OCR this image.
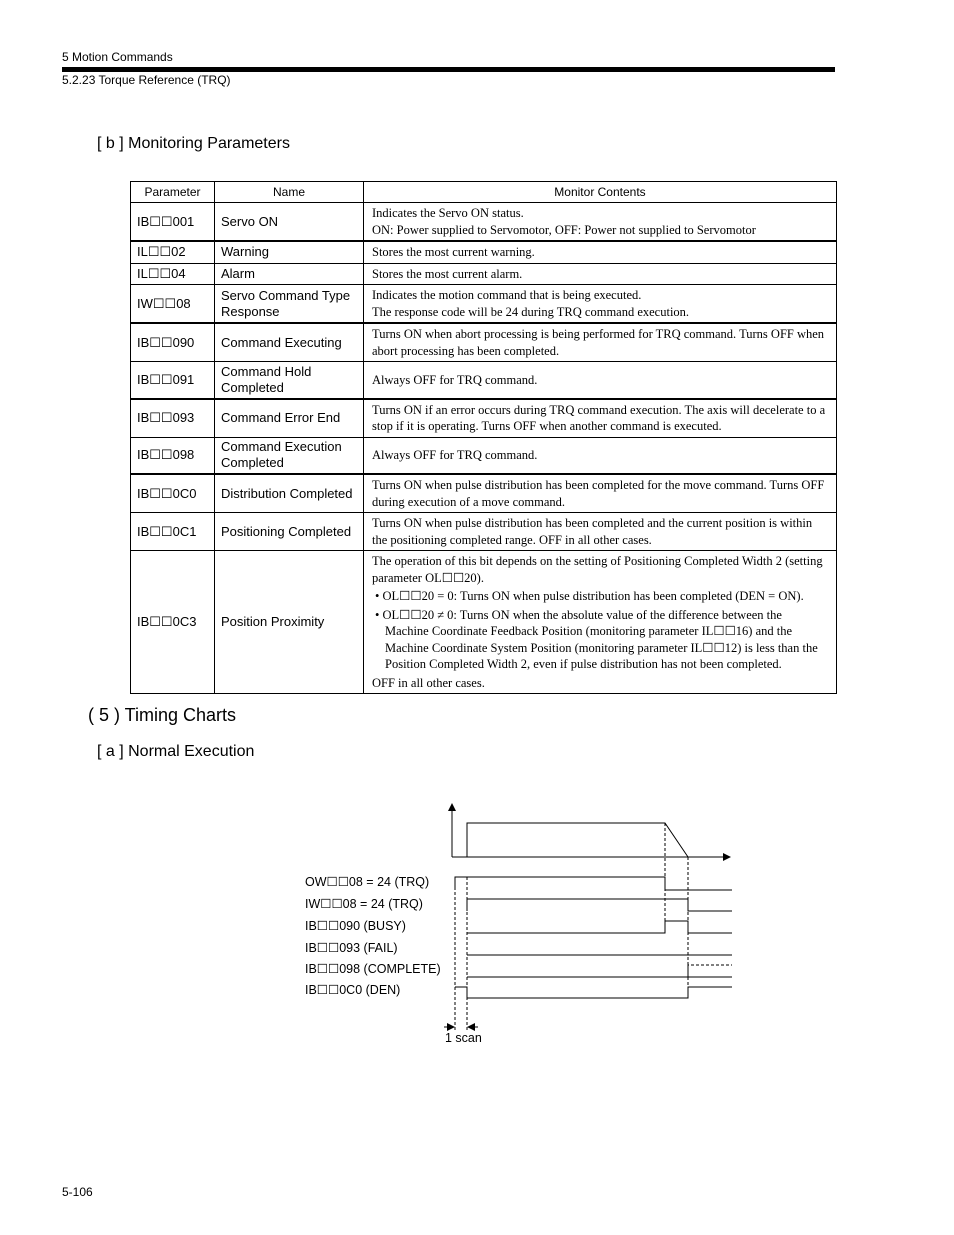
5 Motion Commands
5.2.23 Torque Reference (TRQ)
[ b ] Monitoring Parameters
Parameter	Name	Monitor Contents
IB☐☐001	Servo ON	Indicates the Servo ON status.
ON: Power supplied to Servomotor, OFF: Power not supplied to Servomotor

IL☐☐02	Warning	Stores the most current warning.

IL☐☐04	Alarm	Stores the most current alarm.

IW☐☐08	Servo Command Type Response	Indicates the motion command that is being executed.
The response code will be 24 during TRQ command execution.

IB☐☐090	Command Executing	Turns ON when abort processing is being performed for TRQ command. Turns OFF when abort processing has been completed.
IB☐☐091	Command Hold Completed	Always OFF for TRQ command.
IB☐☐093	Command Error End	Turns ON if an error occurs during TRQ command execution. The axis will decelerate to a stop if it is operating. Turns OFF when another command is executed.
IB☐☐098	Command Execution Completed	Always OFF for TRQ command.
IB☐☐0C0	Distribution Completed	Turns ON when pulse distribution has been completed for the move command. Turns OFF during execution of a move command.
IB☐☐0C1	Positioning Completed	Turns ON when pulse distribution has been completed and the current position is within the positioning completed range. OFF in all other cases.
IB☐☐0C3	Position Proximity	The operation of this bit depends on the setting of Positioning Completed Width 2 (setting parameter OL☐☐20).
• OL☐☐20 = 0: Turns ON when pulse distribution has been completed (DEN = ON).
• OL☐☐20 ≠ 0: Turns ON when the absolute value of the difference between the Machine Coordinate Feedback Position (monitoring parameter IL☐☐16) and the Machine Coordinate System Position (monitoring parameter IL☐☐12) is less than the Position Completed Width 2, even if pulse distribution has not been completed.
OFF in all other cases.
( 5 ) Timing Charts
[ a ] Normal Execution
OW☐☐08 = 24 (TRQ)
IW☐☐08 = 24 (TRQ)
IB☐☐090 (BUSY)
IB☐☐093 (FAIL)
IB☐☐098 (COMPLETE)
IB☐☐0C0 (DEN)
1 scan
5-106
